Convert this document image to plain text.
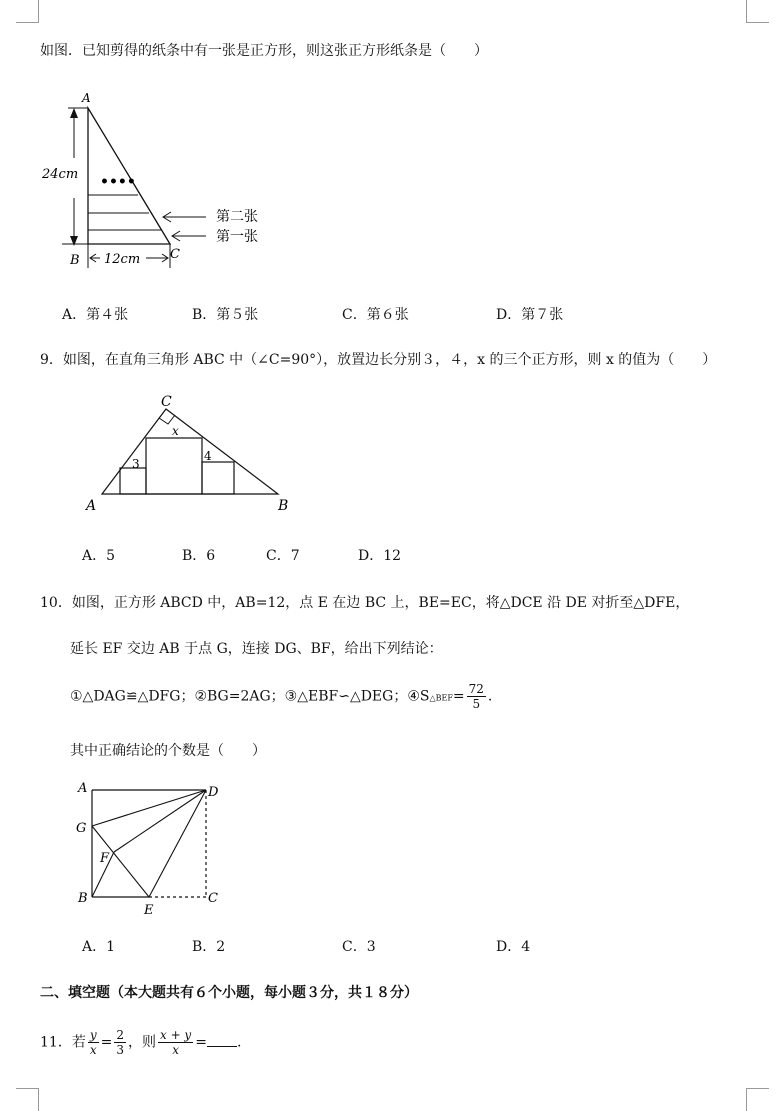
如图．已知剪得的纸条中有一张是正方形，则这张正方形纸条是（　　）
24cm ••••
A
B	C
12cm
第二张
第一张
A．第４张	B．第５张	C．第６张	D．第７张
9．如图，在直角三角形 ABC 中（∠C=90°），放置边长分别３，４，x 的三个正方形，则 x 的值为（　　）
C
x
3
4
A	B
A．5	B．6	C．7	D．12
10．如图，正方形 ABCD 中，AB=12，点 E 在边 BC 上，BE=EC，将△DCE 沿 DE 对折至△DFE，
延长 EF 交边 AB 于点 G，连接 DG、BF，给出下列结论：
①△DAG≌△DFG；②BG=2AG；③△EBF∽△DEG；④S△BEF= $\frac{72}{5}$ .
其中正确结论的个数是（　　）
A	D
G
F
B
E
C
A．1	B．2	C．3	D．4
二、填空题（本大题共有６个小题，每小题３分，共１８分）
11．若 $\frac{y}{x} = \frac{2}{3}$ ，则 $\frac{x + y}{x}$ = .
